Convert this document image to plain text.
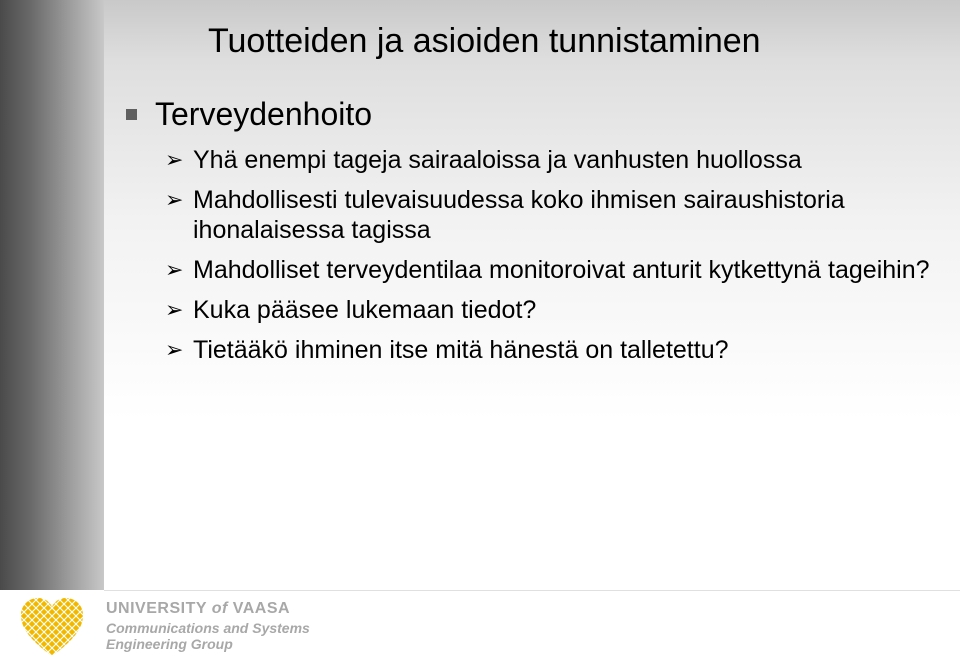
Tuotteiden ja asioiden tunnistaminen
Terveydenhoito
➢ Yhä enempi tageja sairaaloissa ja vanhusten huollossa
➢ Mahdollisesti tulevaisuudessa koko ihmisen sairaushistoria ihonalaisessa tagissa
➢ Mahdolliset terveydentilaa monitoroivat anturit kytkettynä tageihin?
➢ Kuka pääsee lukemaan tiedot?
➢ Tietääkö ihminen itse mitä hänestä on talletettu?
UNIVERSITY of VAASA
Communications and Systems
Engineering Group
